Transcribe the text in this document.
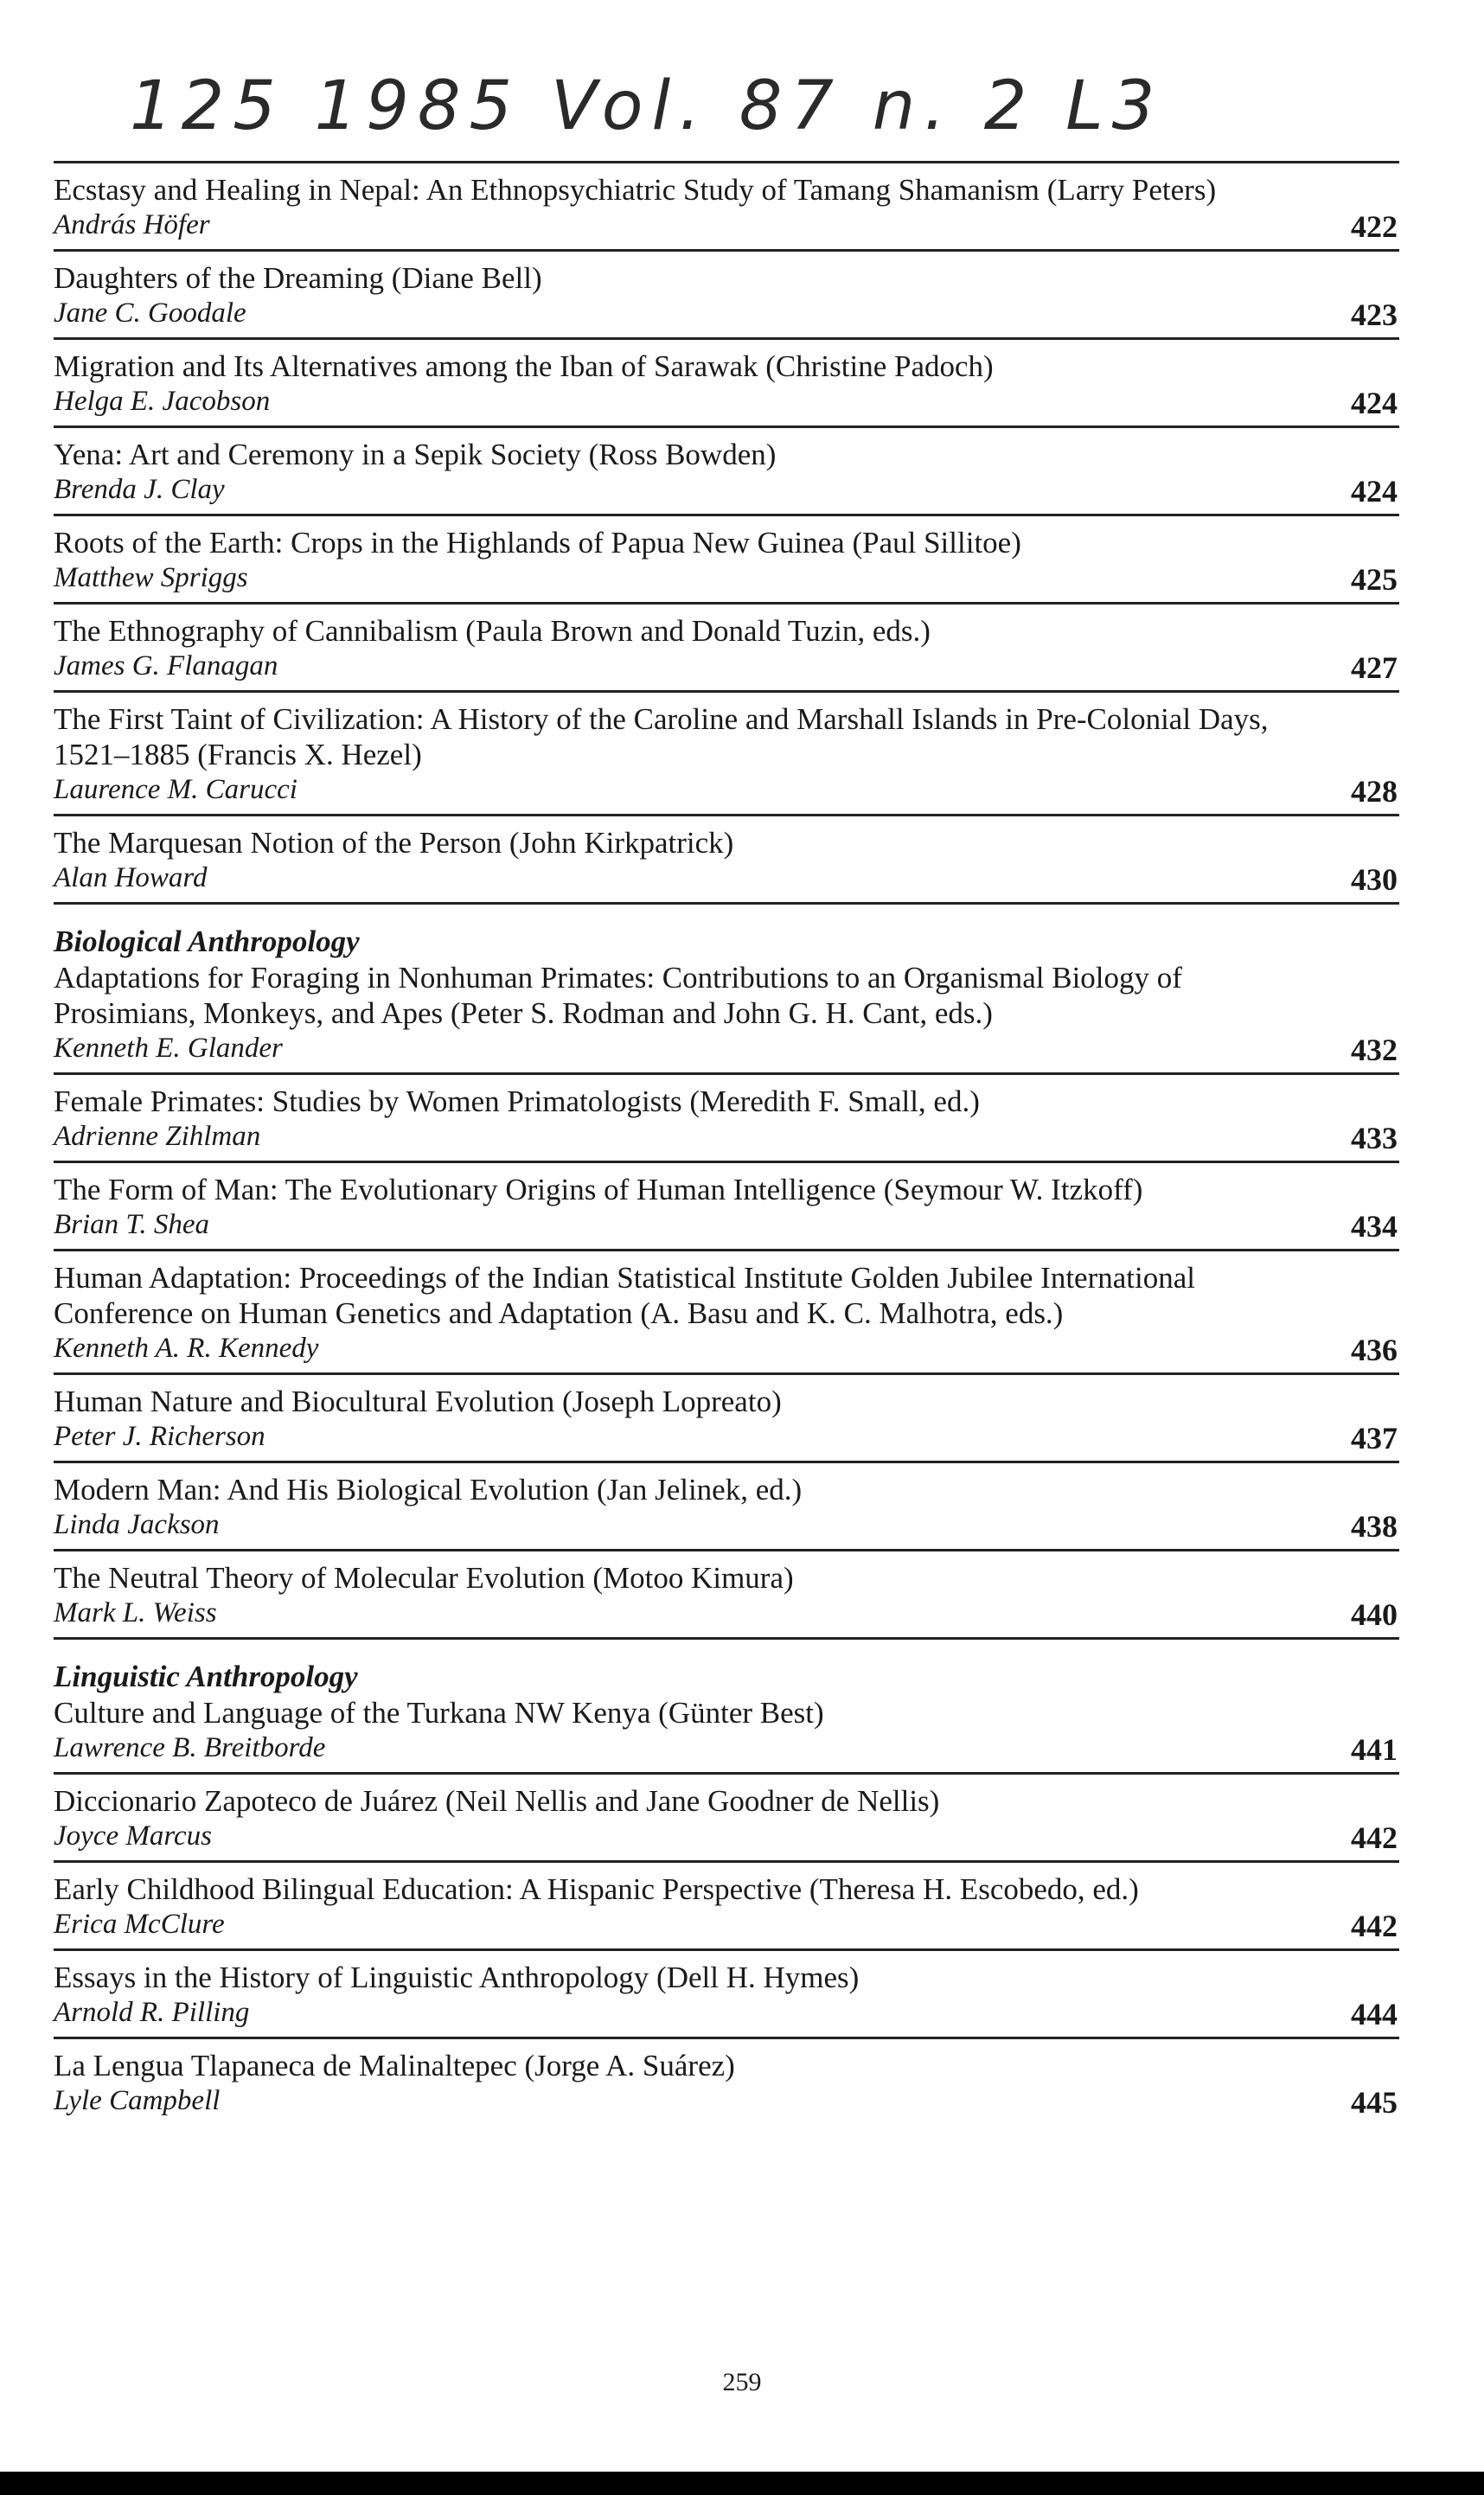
125 1985 Vol. 87 n. 2 L3
Ecstasy and Healing in Nepal: An Ethnopsychiatric Study of Tamang Shamanism (Larry Peters)
András Höfer	422
Daughters of the Dreaming (Diane Bell)
Jane C. Goodale	423
Migration and Its Alternatives among the Iban of Sarawak (Christine Padoch)
Helga E. Jacobson	424
Yena: Art and Ceremony in a Sepik Society (Ross Bowden)
Brenda J. Clay	424
Roots of the Earth: Crops in the Highlands of Papua New Guinea (Paul Sillitoe)
Matthew Spriggs	425
The Ethnography of Cannibalism (Paula Brown and Donald Tuzin, eds.)
James G. Flanagan	427
The First Taint of Civilization: A History of the Caroline and Marshall Islands in Pre-Colonial Days, 1521–1885 (Francis X. Hezel)
Laurence M. Carucci	428
The Marquesan Notion of the Person (John Kirkpatrick)
Alan Howard	430
Biological Anthropology
Adaptations for Foraging in Nonhuman Primates: Contributions to an Organismal Biology of Prosimians, Monkeys, and Apes (Peter S. Rodman and John G. H. Cant, eds.)
Kenneth E. Glander	432
Female Primates: Studies by Women Primatologists (Meredith F. Small, ed.)
Adrienne Zihlman	433
The Form of Man: The Evolutionary Origins of Human Intelligence (Seymour W. Itzkoff)
Brian T. Shea	434
Human Adaptation: Proceedings of the Indian Statistical Institute Golden Jubilee International Conference on Human Genetics and Adaptation (A. Basu and K. C. Malhotra, eds.)
Kenneth A. R. Kennedy	436
Human Nature and Biocultural Evolution (Joseph Lopreato)
Peter J. Richerson	437
Modern Man: And His Biological Evolution (Jan Jelinek, ed.)
Linda Jackson	438
The Neutral Theory of Molecular Evolution (Motoo Kimura)
Mark L. Weiss	440
Linguistic Anthropology
Culture and Language of the Turkana NW Kenya (Günter Best)
Lawrence B. Breitborde	441
Diccionario Zapoteco de Juárez (Neil Nellis and Jane Goodner de Nellis)
Joyce Marcus	442
Early Childhood Bilingual Education: A Hispanic Perspective (Theresa H. Escobedo, ed.)
Erica McClure	442
Essays in the History of Linguistic Anthropology (Dell H. Hymes)
Arnold R. Pilling	444
La Lengua Tlapaneca de Malinaltepec (Jorge A. Suárez)
Lyle Campbell	445
259
